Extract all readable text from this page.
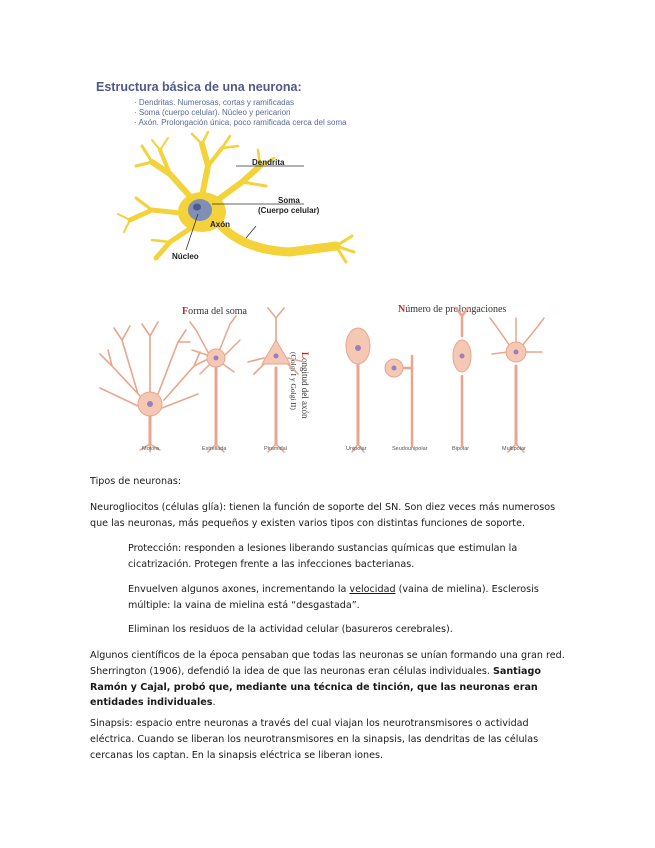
Estructura básica de una neurona:
· Dendritas. Numerosas, cortas y ramificadas
· Soma (cuerpo celular). Núcleo y pericarion
· Axón. Prolongación única, poco ramificada cerca del soma
Dendrita
Soma
(Cuerpo celular)
Axón
Núcleo
Forma del soma	Número de prolongaciones
Longitud del axón
(Golgi I y Golgi II)
Motora	Estrellada	Piramidal	Unipolar	Seudounipolar	Bipolar	Multipolar
Tipos de neuronas:
Neurogliocitos (células glía): tienen la función de soporte del SN. Son diez veces más numerosos que las neuronas, más pequeños y existen varios tipos con distintas funciones de soporte.
Protección: responden a lesiones liberando sustancias químicas que estimulan la cicatrización. Protegen frente a las infecciones bacterianas.
Envuelven algunos axones, incrementando la velocidad (vaina de mielina). Esclerosis múltiple: la vaina de mielina está “desgastada”.
Eliminan los residuos de la actividad celular (basureros cerebrales).
Algunos científicos de la época pensaban que todas las neuronas se unían formando una gran red. Sherrington (1906), defendió la idea de que las neuronas eran células individuales. Santiago Ramón y Cajal, probó que, mediante una técnica de tinción, que las neuronas eran entidades individuales.
Sinapsis: espacio entre neuronas a través del cual viajan los neurotransmisores o actividad eléctrica. Cuando se liberan los neurotransmisores en la sinapsis, las dendritas de las células cercanas los captan. En la sinapsis eléctrica se liberan iones.
